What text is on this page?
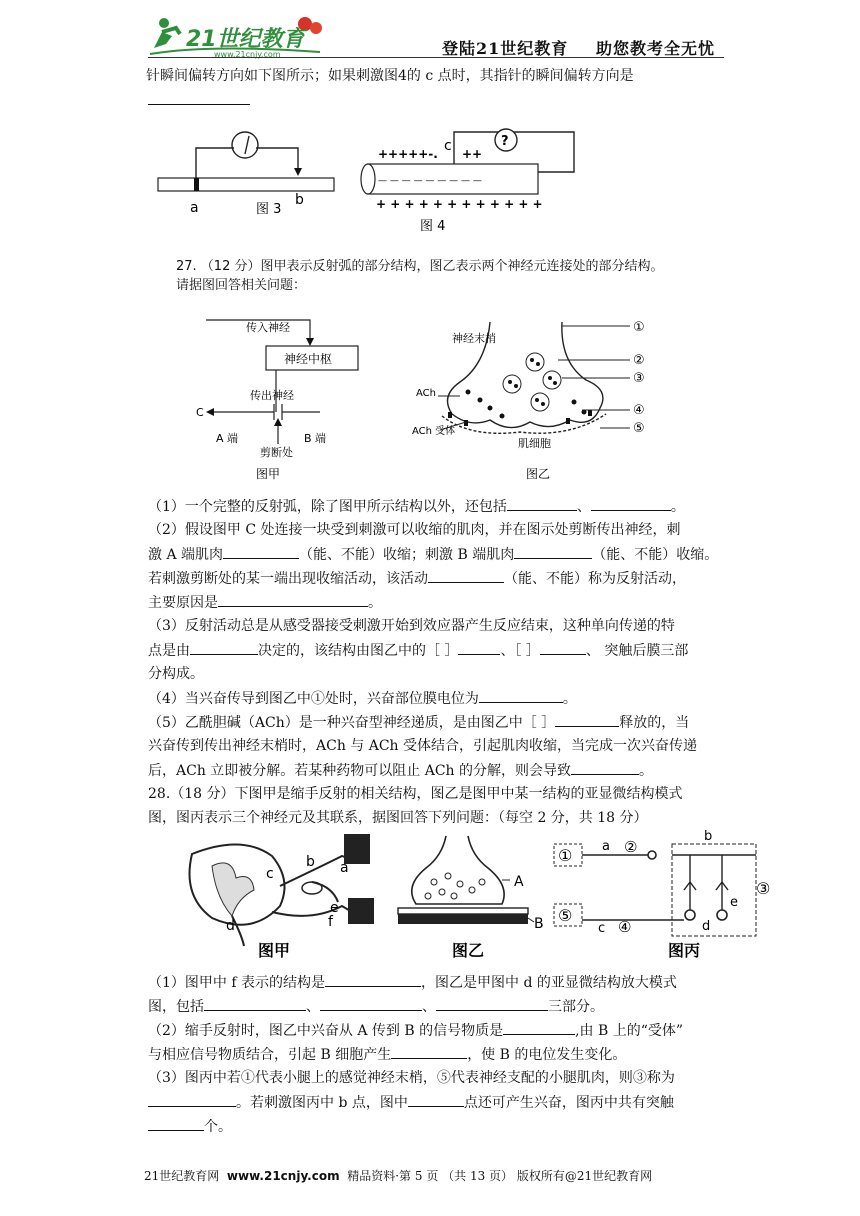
21世纪教育
www.21cnjy.com	登陆21世纪教育 助您教考全无忧
针瞬间偏转方向如下图所示；如果刺激图4的 c 点时，其指针的瞬间偏转方向是
a	b
图 3
?
c
+++++-. ++
— — — — — — — — —
+ + + + + + + + + + + +
图 4
27. （12 分）图甲表示反射弧的部分结构，图乙表示两个神经元连接处的部分结构。
请据图回答相关问题：
传入神经
神经中枢
传出神经
C
A 端	B 端
剪断处
图甲
神经末梢
ACh
ACh 受体
肌细胞
①
②
③
④
⑤
图乙
（1）一个完整的反射弧，除了图甲所示结构以外，还包括	、	。
（2）假设图甲 C 处连接一块受到刺激可以收缩的肌肉，并在图示处剪断传出神经，刺
激 A 端肌肉	（能、不能）收缩；刺激 B 端肌肉	（能、不能）收缩。
若刺激剪断处的某一端出现收缩活动，该活动	（能、不能）称为反射活动，
主要原因是	。
（3）反射活动总是从感受器接受刺激开始到效应器产生反应结束，这种单向传递的特
点是由	决定的，该结构由图乙中的［ ］	、［ ］	、 突触后膜三部
分构成。
（4）当兴奋传导到图乙中①处时，兴奋部位膜电位为	。
（5）乙酰胆碱（ACh）是一种兴奋型神经递质，是由图乙中［ ］	释放的，当
兴奋传到传出神经末梢时，ACh 与 ACh 受体结合，引起肌肉收缩，当完成一次兴奋传递
后，ACh 立即被分解。若某种药物可以阻止 ACh 的分解，则会导致	。
28.（18 分）下图甲是缩手反射的相关结构，图乙是图甲中某一结构的亚显微结构模式
图，图丙表示三个神经元及其联系，据图回答下列问题：（每空 2 分，共 18 分）
a
b
c
d
e
f
图甲
A
B
图乙
① a ②
b
③
d
e
⑤
c ④
图丙
（1）图甲中 f 表示的结构是	，图乙是甲图中 d 的亚显微结构放大模式
图，包括	、	、	三部分。
（2）缩手反射时，图乙中兴奋从 A 传到 B 的信号物质是	,由 B 上的“受体”
与相应信号物质结合，引起 B 细胞产生	，使 B 的电位发生变化。
（3）图丙中若①代表小腿上的感觉神经末梢，⑤代表神经支配的小腿肌肉，则③称为
。若刺激图丙中 b 点，图中	点还可产生兴奋，图丙中共有突触
个。
21世纪教育网 www.21cnjy.com 精品资料·第 5 页 （共 13 页） 版权所有@21世纪教育网
